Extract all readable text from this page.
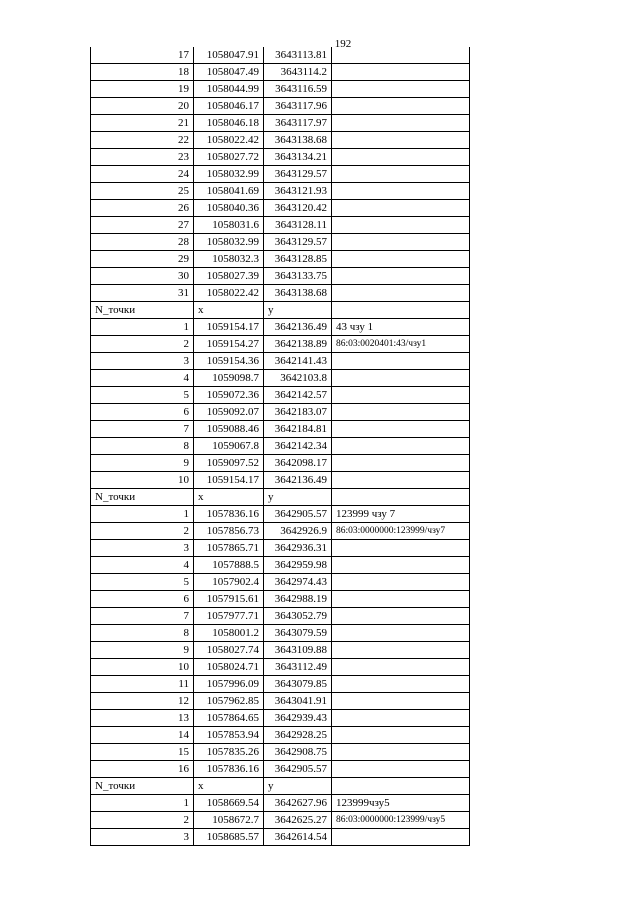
192
17	1058047.91	3643113.81	
18	1058047.49	3643114.2	
19	1058044.99	3643116.59	
20	1058046.17	3643117.96	
21	1058046.18	3643117.97	
22	1058022.42	3643138.68	
23	1058027.72	3643134.21	
24	1058032.99	3643129.57	
25	1058041.69	3643121.93	
26	1058040.36	3643120.42	
27	1058031.6	3643128.11	
28	1058032.99	3643129.57	
29	1058032.3	3643128.85	
30	1058027.39	3643133.75	
31	1058022.42	3643138.68	
N_точки	x	y	
1	1059154.17	3642136.49	43 чзу 1
2	1059154.27	3642138.89	86:03:0020401:43/чзу1
3	1059154.36	3642141.43	
4	1059098.7	3642103.8	
5	1059072.36	3642142.57	
6	1059092.07	3642183.07	
7	1059088.46	3642184.81	
8	1059067.8	3642142.34	
9	1059097.52	3642098.17	
10	1059154.17	3642136.49	
N_точки	x	y	
1	1057836.16	3642905.57	123999 чзу 7
2	1057856.73	3642926.9	86:03:0000000:123999/чзу7
3	1057865.71	3642936.31	
4	1057888.5	3642959.98	
5	1057902.4	3642974.43	
6	1057915.61	3642988.19	
7	1057977.71	3643052.79	
8	1058001.2	3643079.59	
9	1058027.74	3643109.88	
10	1058024.71	3643112.49	
11	1057996.09	3643079.85	
12	1057962.85	3643041.91	
13	1057864.65	3642939.43	
14	1057853.94	3642928.25	
15	1057835.26	3642908.75	
16	1057836.16	3642905.57	
N_точки	x	y	
1	1058669.54	3642627.96	123999чзу5
2	1058672.7	3642625.27	86:03:0000000:123999/чзу5
3	1058685.57	3642614.54	
